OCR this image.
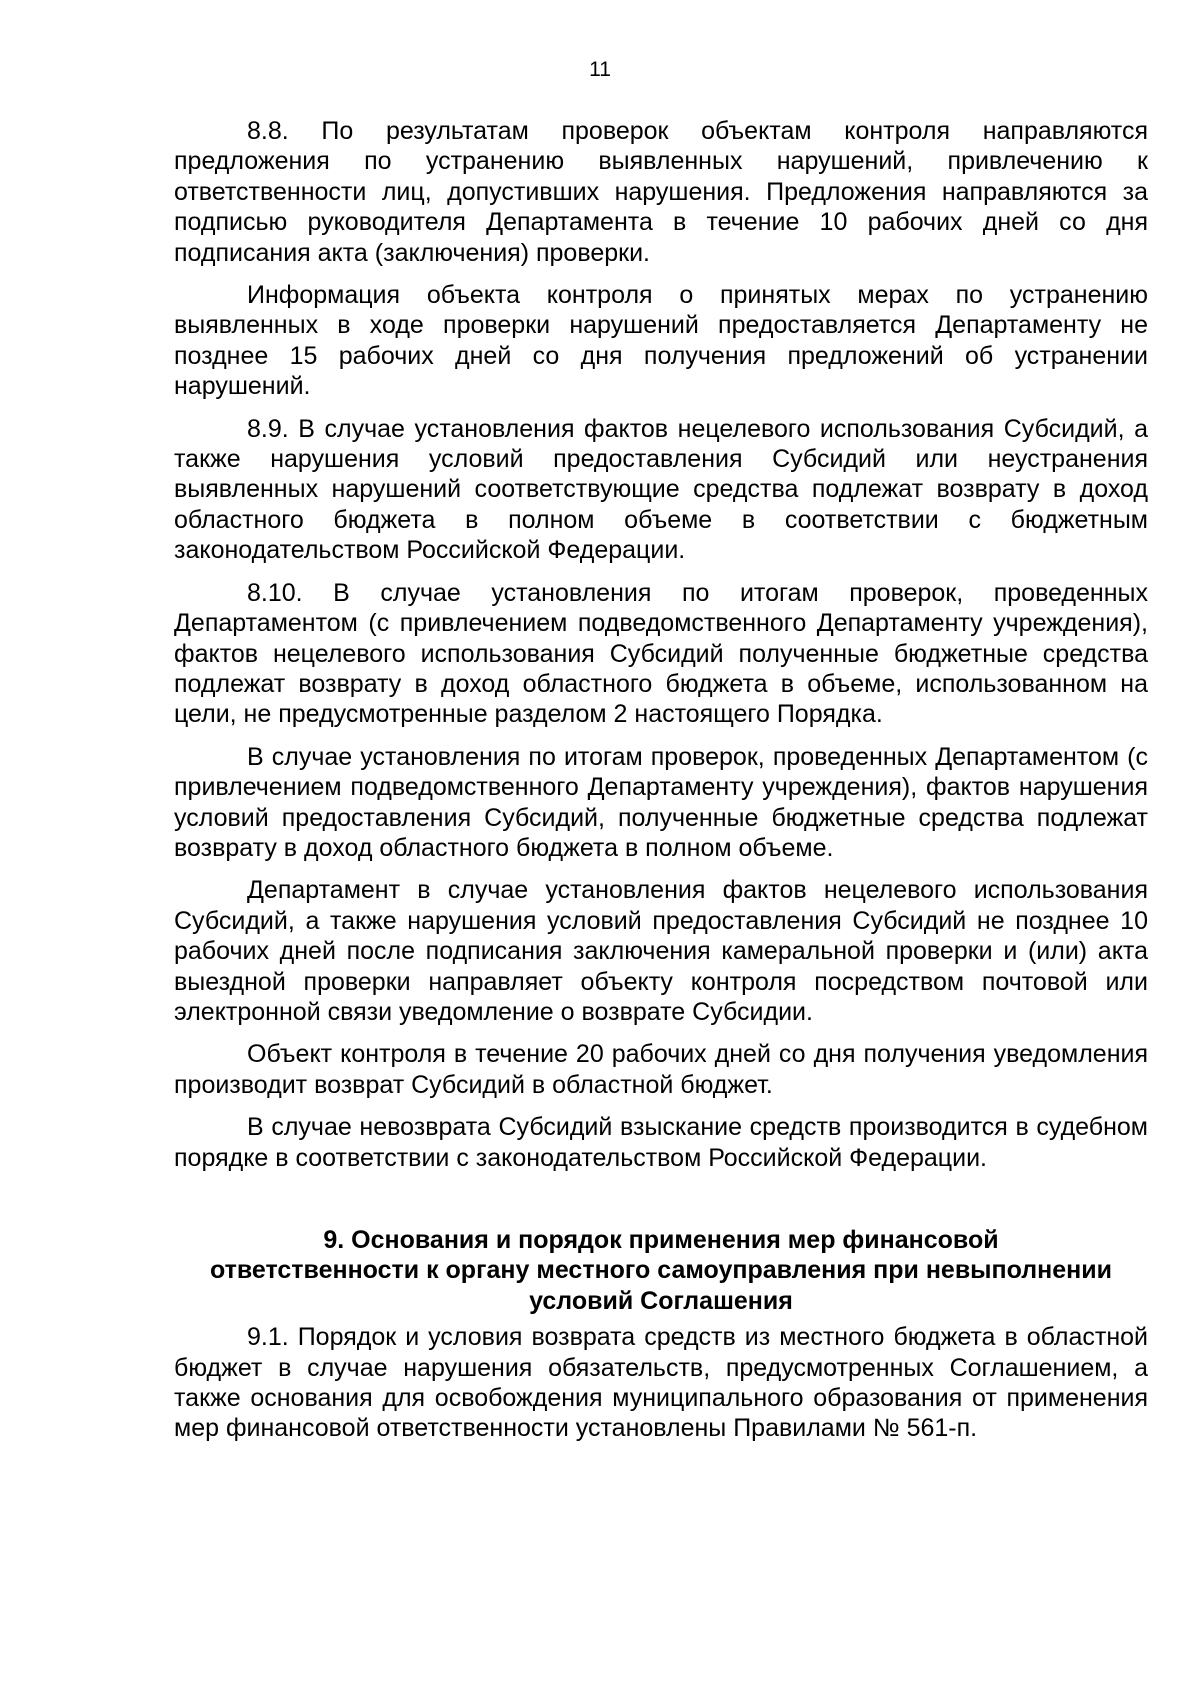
11

8.8. По результатам проверок объектам контроля направляются предложения по устранению выявленных нарушений, привлечению к ответственности лиц, допустивших нарушения. Предложения направляются за подписью руководителя Департамента в течение 10 рабочих дней со дня подписания акта (заключения) проверки.

Информация объекта контроля о принятых мерах по устранению выявленных в ходе проверки нарушений предоставляется Департаменту не позднее 15 рабочих дней со дня получения предложений об устранении нарушений.

8.9. В случае установления фактов нецелевого использования Субсидий, а также нарушения условий предоставления Субсидий или неустранения выявленных нарушений соответствующие средства подлежат возврату в доход областного бюджета в полном объеме в соответствии с бюджетным законодательством Российской Федерации.

8.10. В случае установления по итогам проверок, проведенных Департаментом (с привлечением подведомственного Департаменту учреждения), фактов нецелевого использования Субсидий полученные бюджетные средства подлежат возврату в доход областного бюджета в объеме, использованном на цели, не предусмотренные разделом 2 настоящего Порядка.

В случае установления по итогам проверок, проведенных Департаментом (с привлечением подведомственного Департаменту учреждения), фактов нарушения условий предоставления Субсидий, полученные бюджетные средства подлежат возврату в доход областного бюджета в полном объеме.

Департамент в случае установления фактов нецелевого использования Субсидий, а также нарушения условий предоставления Субсидий не позднее 10 рабочих дней после подписания заключения камеральной проверки и (или) акта выездной проверки направляет объекту контроля посредством почтовой или электронной связи уведомление о возврате Субсидии.

Объект контроля в течение 20 рабочих дней со дня получения уведомления производит возврат Субсидий в областной бюджет.

В случае невозврата Субсидий взыскание средств производится в судебном порядке в соответствии с законодательством Российской Федерации.

9. Основания и порядок применения мер финансовой
ответственности к органу местного самоуправления при невыполнении
условий Соглашения

9.1. Порядок и условия возврата средств из местного бюджета в областной бюджет в случае нарушения обязательств, предусмотренных Соглашением, а также основания для освобождения муниципального образования от применения мер финансовой ответственности установлены Правилами № 561-п.
